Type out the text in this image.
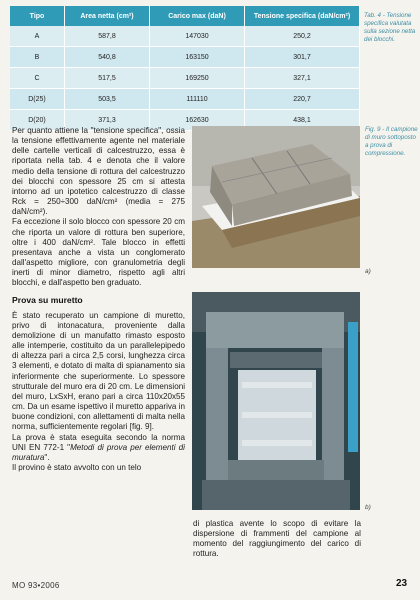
Tipo	Area netta (cm²)	Carico max (daN)	Tensione specifica (daN/cm²)
A	587,8	147030	250,2
B	540,8	163150	301,7
C	517,5	169250	327,1
D(25)	503,5	111110	220,7
D(20)	371,3	162630	438,1
Tab. 4 - Tensione specifica valutata sulla sezione netta dei blocchi.

Per quanto attiene la "tensione specifica", ossia la tensione effettivamente agente nel materiale delle cartelle verticali di calcestruzzo, essa è riportata nella tab. 4 e denota che il valore medio della tensione di rottura del calcestruzzo dei blocchi con spessore 25 cm si attesta intorno ad un ipotetico calcestruzzo di classe Rck = 250÷300 daN/cm² (media = 275 daN/cm²).

Fa eccezione il solo blocco con spessore 20 cm che riporta un valore di rottura ben superiore, oltre i 400 daN/cm². Tale blocco in effetti presentava anche a vista un conglomerato dall'aspetto migliore, con granulometria degli inerti di minor diametro, rispetto agli altri blocchi, e dall'aspetto ben graduato.

Prova su muretto

È stato recuperato un campione di muretto, privo di intonacatura, proveniente dalla demolizione di un manufatto rimasto esposto alle intemperie, costituito da un parallelepipedo di altezza pari a circa 2,5 corsi, lunghezza circa 3 elementi, e dotato di malta di spianamento sia inferiormente che superiormente. Lo spessore strutturale del muro era di 20 cm. Le dimensioni del muro, LxSxH, erano pari a circa 110x20x55 cm. Da un esame ispettivo il muretto appariva in buone condizioni, con allettamenti di malta nella norma, sufficientemente regolari [fig. 9].

La prova è stata eseguita secondo la norma UNI EN 772-1 "Metodi di prova per elementi di muratura".

Il provino è stato avvolto con un telo

Fig. 9 - Il campione di muro sottoposto a prova di compressione.
a)
b)

di plastica avente lo scopo di evitare la dispersione di frammenti del campione al momento del raggiungimento del carico di rottura.

MO 93•2006	23
